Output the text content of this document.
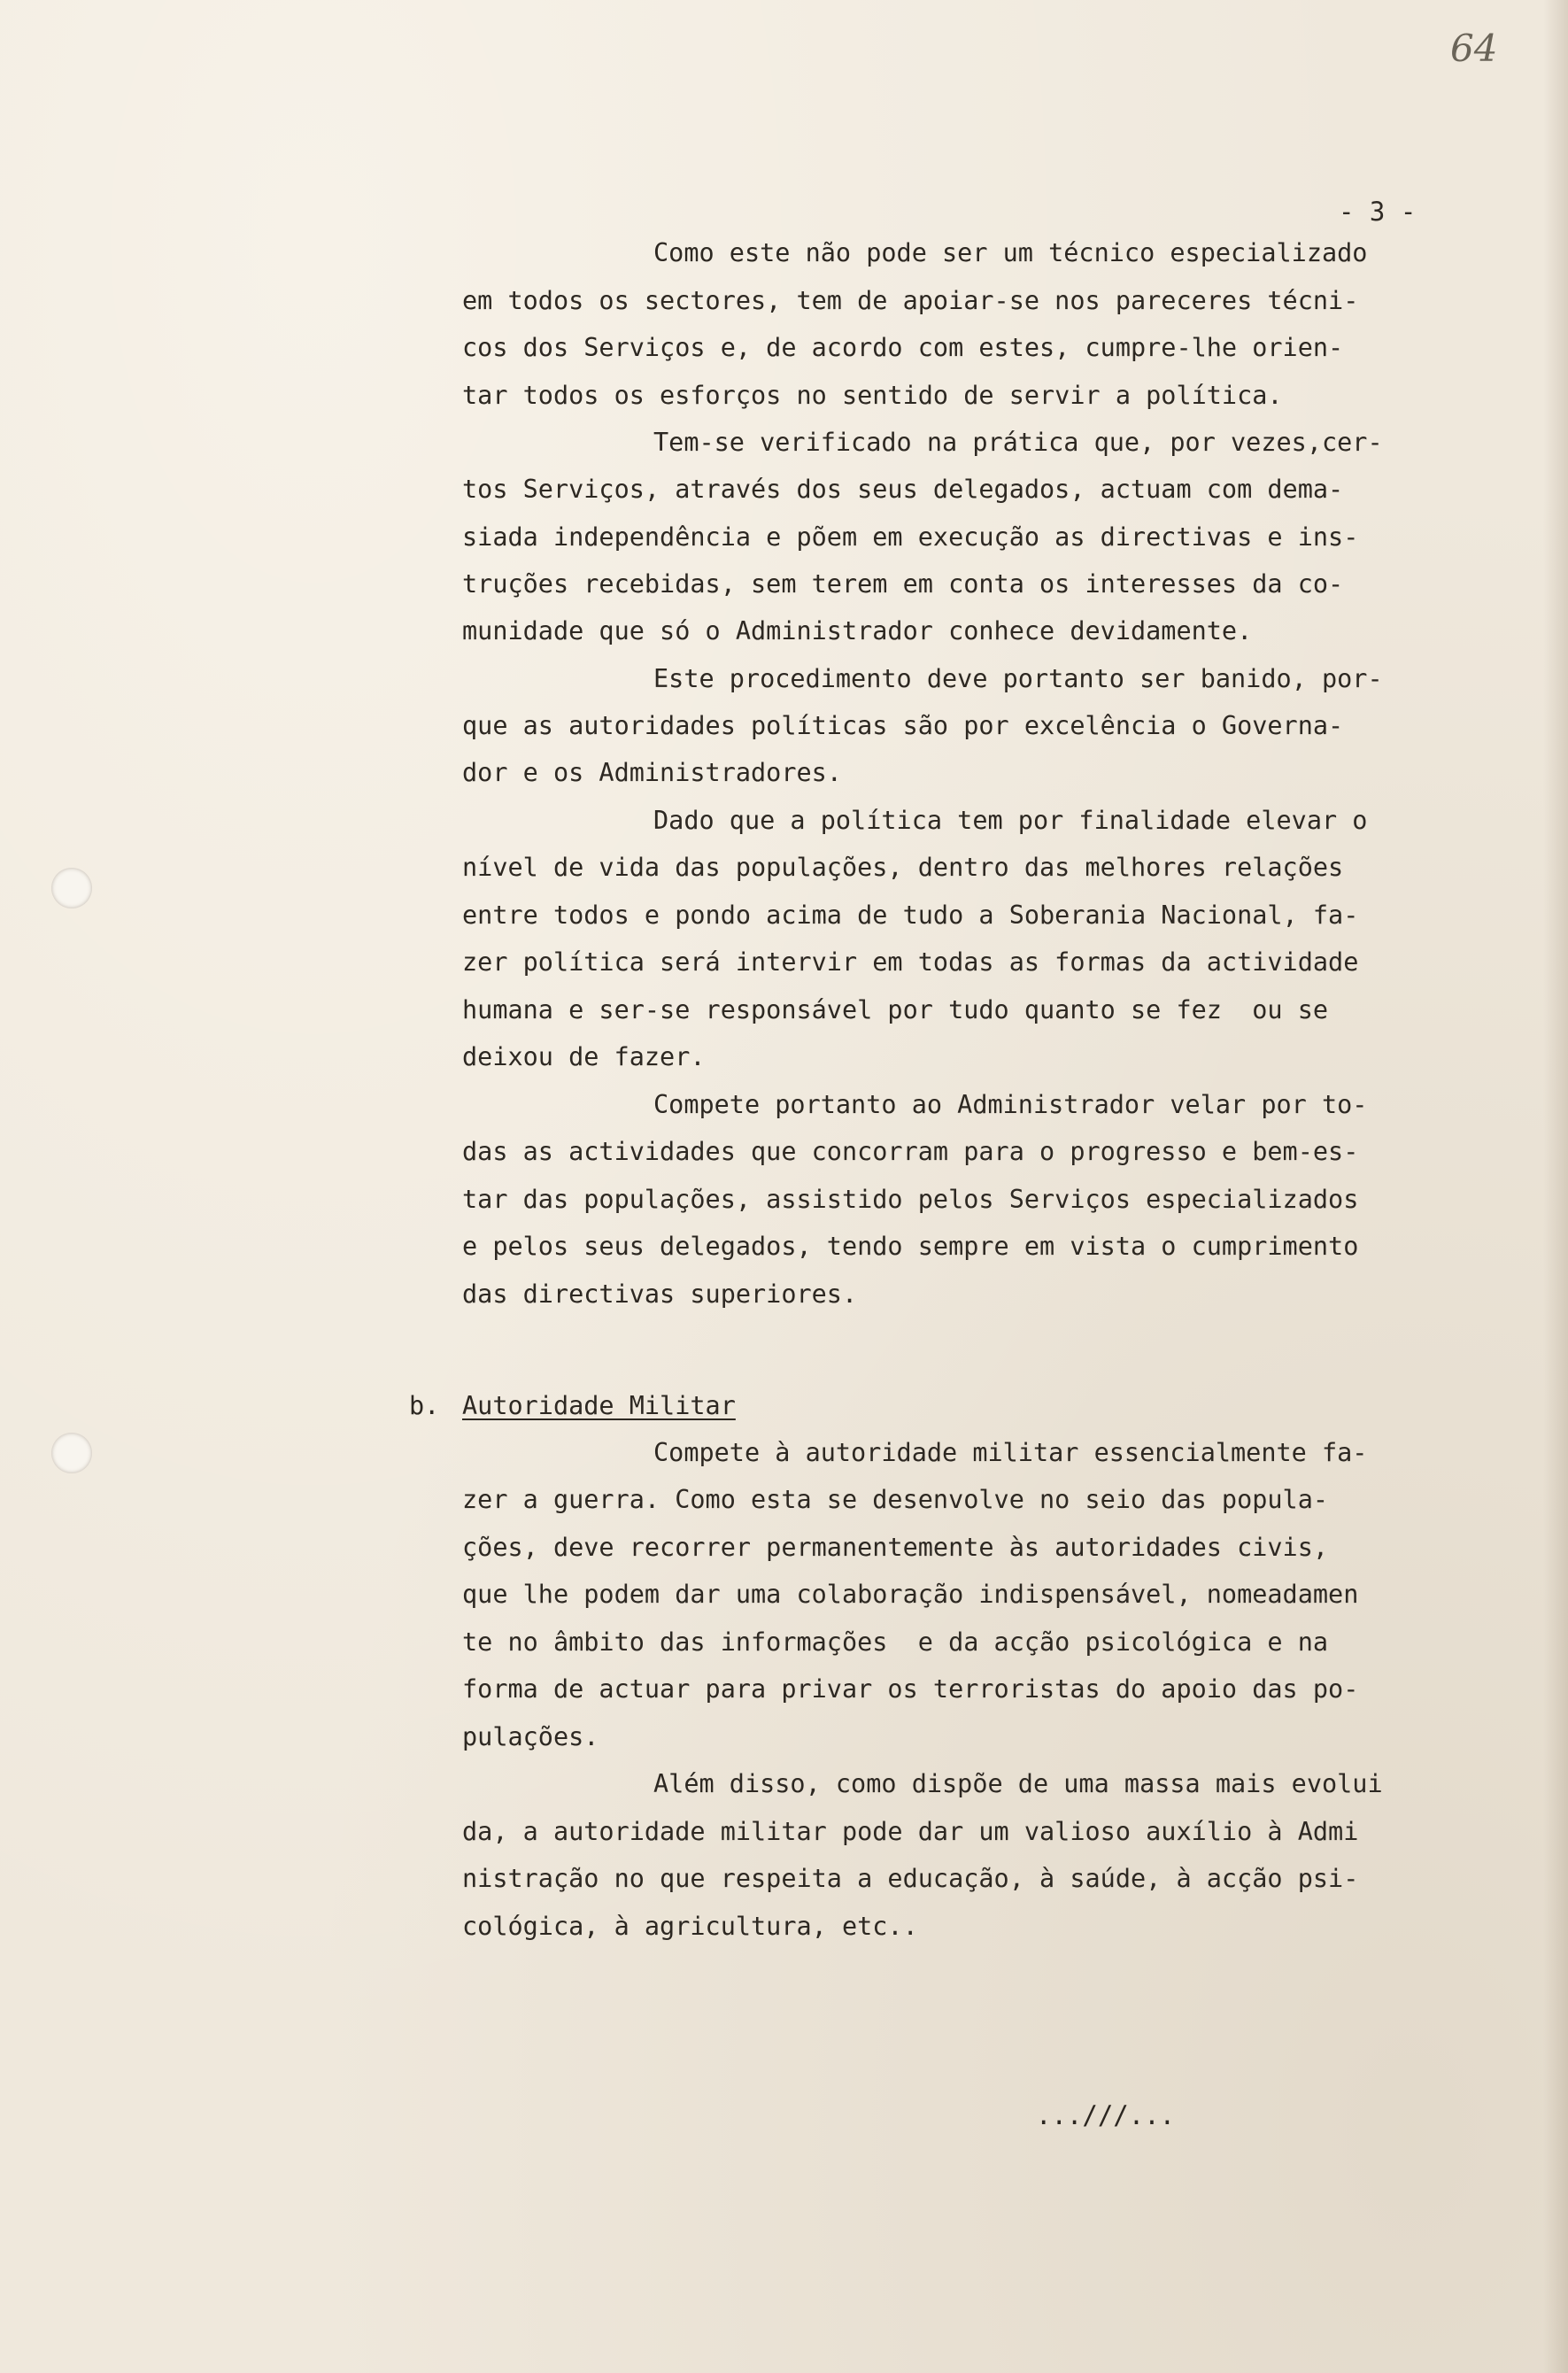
64
- 3 -
Como este não pode ser um técnico especializado
em todos os sectores, tem de apoiar-se nos pareceres técni-
cos dos Serviços e, de acordo com estes, cumpre-lhe orien-
tar todos os esforços no sentido de servir a política.
Tem-se verificado na prática que, por vezes,cer-
tos Serviços, através dos seus delegados, actuam com dema-
siada independência e põem em execução as directivas e ins-
truções recebidas, sem terem em conta os interesses da co-
munidade que só o Administrador conhece devidamente.
Este procedimento deve portanto ser banido, por-
que as autoridades políticas são por excelência o Governa-
dor e os Administradores.
Dado que a política tem por finalidade elevar o
nível de vida das populações, dentro das melhores relações
entre todos e pondo acima de tudo a Soberania Nacional, fa-
zer política será intervir em todas as formas da actividade
humana e ser-se responsável por tudo quanto se fez  ou se
deixou de fazer.
Compete portanto ao Administrador velar por to-
das as actividades que concorram para o progresso e bem-es-
tar das populações, assistido pelos Serviços especializados
e pelos seus delegados, tendo sempre em vista o cumprimento
das directivas superiores.
b. Autoridade Militar
Compete à autoridade militar essencialmente fa-
zer a guerra. Como esta se desenvolve no seio das popula-
ções, deve recorrer permanentemente às autoridades civis,
que lhe podem dar uma colaboração indispensável, nomeadamen
te no âmbito das informações  e da acção psicológica e na
forma de actuar para privar os terroristas do apoio das po-
pulações.
Além disso, como dispõe de uma massa mais evolui
da, a autoridade militar pode dar um valioso auxílio à Admi
nistração no que respeita a educação, à saúde, à acção psi-
cológica, à agricultura, etc..
...///...
